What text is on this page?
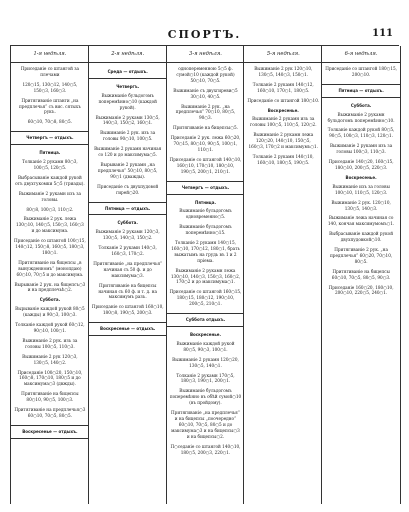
СПОРТЪ.	111
1-я недѣля.

Приседаніе со штангой за плечами

120○15, 130○12, 140○5, 150○3, 160○3.

Притягиваніе штанги „на предплечья“ съ вис. сятыхъ рукъ.

60○10, 70○8, 80○5.

Четвергъ — отдыхъ.
Пятница.

Толканіе 2 рукамн 80○3, 100○5, 120○5.

Выбрасываніе каждой рукой отъ двухтукомки 5○5 (триады).

Выжиманіе 2 рукамн изъ за головы.

80○8, 100○3, 110○2.

Выжиманіе 2 рук. лежа 130○10, 140○5, 150○3, 160○3 и до максимума.

Приседаніе со штангой 100○15, 140○12, 150○8, 160○5, 180○3, 180○1.

Притягиваніе на бицепсы „в вынужденномъ“ (монопдаю) 60○10, 70○5 и до максимума.

Вырываніе 2 рук. на бицепсъ○3 и на предплечьѣ○2.

Суббота.

Вырываніе каждой рукой 80○5 (кажды) и 90○3, 100○3.

Толканіе каждой рукой 60○12, 90○10, 100○1.

Выжиманіе 2 рук. изъ за головы 100○5, 110○3.

Выжиманіе 2 рук 120○3, 130○5, 140○2.

Приседаніе 100○20, 150○10, 160○8, 170○10, 180○5 и до максимума○3 (двжды).

Притягиваніе на бицепсы 80○10, 90○5, 100○3.

Притягиваніе на предплечья○3 60○10, 70○5, 80○5.

Воскресенье — отдыхъ.
2-я недѣля.
Среда — отдыхъ.
Четвергъ.

Выжиманіе бульдогомъ поперемѣнно○10 (каждой рукой).

Выжиманіе 2 рукамн 130○5, 140○3, 150○2, 160○1.

Выжиманіе 2 рук. изъ за головы 90○10, 100○5.

Выжиманіе 2 рукамн начиная со 120 и до максимума○5.

Вырываніе 2 рукамн „на предплечья“ 50○10, 80○5, 90○1 (дважды).

Приседаніе съ двухпудовой гирей○20.

Пятница — отдыхъ.
Суббота.

Выжиманіе 2 рукамн 120○3, 130○5, 140○3, 150○2.

Толканіе 2 рукамн 140○3, 160○3, 170○2.

Притягиваніе „на предплечья“ начиная съ 50 ф. и до максимума○3.

Притягиваніе на бицепсы начиная съ 60 ф. и т. д. на максимумъ разъ.

Приседаніе со штангой 160○10, 180○8, 190○5, 200○3.

Воскресенье — отдыхъ.
3-я недѣля.

однопеременною 5○5 ф. сумой○10 (каждой рукой) 50○10, 70○5.

Выжиманіе съ двухгиреви○5 30○10, 40○5.

Выжиманіе 2 рук. „на предплечья“ 70○10, 80○5, 90○3.

Притягиваніе на бицепсы○5.

Приседаніе 2 рук. лежа 60○20, 70○15, 80○10, 90○5, 100○1, 110○1.

Приседаніе со штангой 140○10, 160○10, 170○10, 180○10, 190○5, 200○1, 210○1.

Четвергъ — отдыхъ.
Пятница.

Выжиманіе бульдогомъ одновременно○5.

Выжиманіе бульдогомъ поперемѣнно○15.

Толканіе 2 рукамн 140○15, 160○10, 170○12, 180○1, брать выжатымъ на грудь въ 1 и 2 пріема.

Выжиманіе 2 рукамн лежа 130○10, 140○3, 150○3, 160○2, 170○2 и до максимума○1.

Приседаніе со штангой 160○15, 180○15, 180○12, 190○10, 200○5, 210○1.

Суббота отдыхъ.
Воскресенье.

Выжиманіе каждой рукой 80○5, 90○3, 100○1.

Выжиманіе 2 рукамн 120○20, 130○5, 140○1.

Толканіе 2 рукамн 170○5, 180○3, 190○1, 200○1.

Выжиманіе бульдогомъ поперемѣнно въ обѣй сумой○10 (въ пройдому).

Притягиваніе „на предплечья“ и на бицепсы „поочередно“ 60○10, 70○5, 80○5 и до максимума○3 и на бицепсы○3 и на бицепсы○2.

П○седаніе со штангой 140○10, 180○5, 200○3, 220○1.

5-я недѣля.

Выжиманіе 2 рук 120○10, 130○5, 140○3, 150○1.

Толканіе 2 рукамн 140○12, 160○10, 170○1, 180○5.

Приседаніе со штангой 180○10.

Воскресенье.

Выжиманіе 2 рукамн изъ за головы 100○5, 110○5, 120○2.

Выжиманіе 2 рукамн лежа 120○20, 140○10, 150○5, 160○3, 170○2 и максимумъ○1.

Толканіе 2 рукамн 140○10, 160○10, 180○5, 190○5.

6-я недѣля.

Приседаніе со штангой 180○15, 200○10.

Пятница — отдыхъ.
Суббота.

Выжиманіе 2 рукамн бульдогомъ поперемѣнно○10.

Толканіе каждой рукой 80○5, 90○5, 100○3, 110○3, 120○1.

Выжиманіе 2 рукамн изъ за головы 100○3, 110○3.

Приседаніе 140○20, 160○15, 180○10, 200○5, 220○3.

Воскресенье.

Выжиманіе изъ за головы 100○10, 110○5, 120○3.

Выжиманіе 2 рук. 120○10, 130○5, 140○3.

Выжиманіе лежа начиная со 140, кончая максимумомъ○1.

Выбрасываніе каждой рукой двухпудовкой○10.

Притягиваніе 2 рук. „на предплечья“ 60○20, 70○10, 80○5.

Притягиваніе на бицепсы 60○10, 70○5, 80○5, 90○3.

Приседаніе 160○20, 180○10, 200○10, 220○5, 240○1.
